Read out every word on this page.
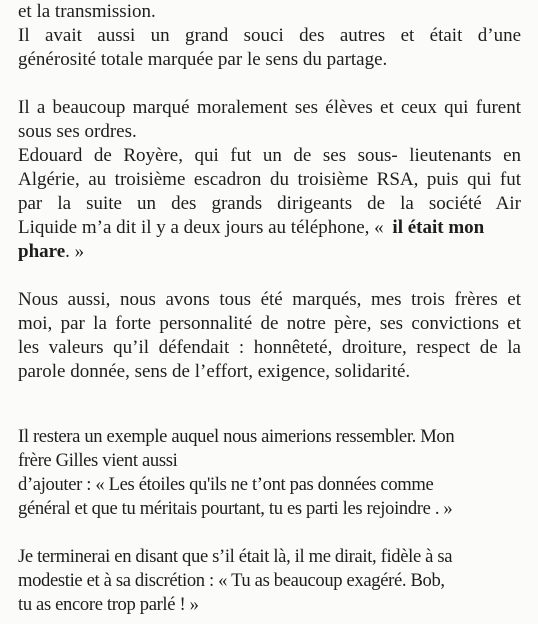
et la transmission.
Il avait aussi un grand souci des autres et était d’une
générosité totale marquée par le sens du partage.
Il a beaucoup marqué moralement ses élèves et ceux qui furent
sous ses ordres.
Edouard de Royère, qui fut un de ses sous- lieutenants en
Algérie, au troisième escadron du troisième RSA, puis qui fut
par la suite un des grands dirigeants de la société Air
Liquide m’a dit il y a deux jours au téléphone, « il était mon
phare. »
Nous aussi, nous avons tous été marqués, mes trois frères et
moi, par la forte personnalité de notre père, ses convictions et
les valeurs qu’il défendait : honnêteté, droiture, respect de la
parole donnée, sens de l’effort, exigence, solidarité.
Il restera un exemple auquel nous aimerions ressembler. Mon
frère Gilles vient aussi
d’ajouter : « Les étoiles qu'ils ne t’ont pas données comme
général et que tu méritais pourtant, tu es parti les rejoindre . »
Je terminerai en disant que s’il était là, il me dirait, fidèle à sa
modestie et à sa discrétion : « Tu as beaucoup exagéré. Bob,
tu as encore trop parlé ! »
